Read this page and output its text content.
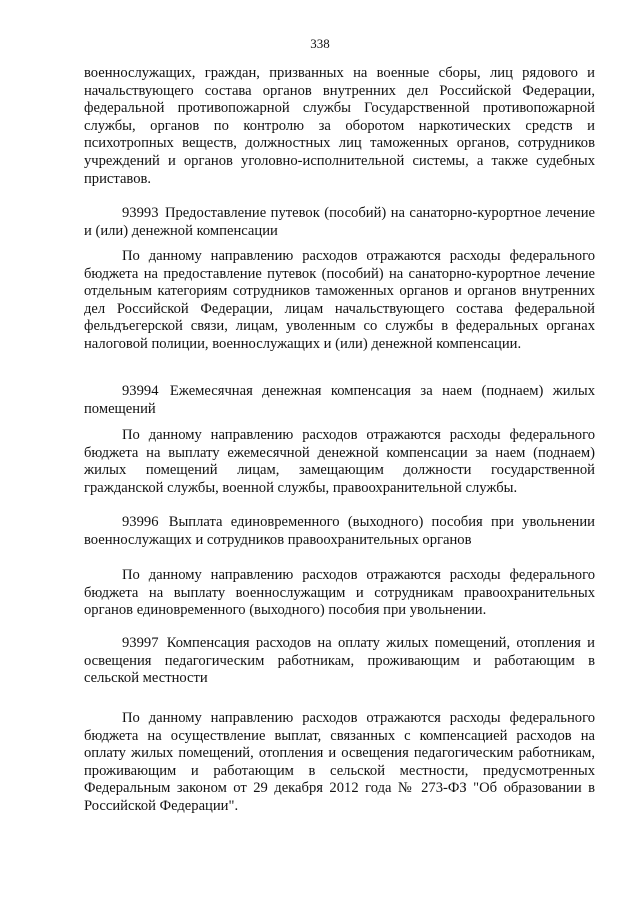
338

военнослужащих, граждан, призванных на военные сборы, лиц рядового и начальствующего состава органов внутренних дел Российской Федерации, федеральной противопожарной службы Государственной противопожарной службы, органов по контролю за оборотом наркотических средств и психотропных веществ, должностных лиц таможенных органов, сотрудников учреждений и органов уголовно-исполнительной системы, а также судебных приставов.

93993 Предоставление путевок (пособий) на санаторно-курортное лечение и (или) денежной компенсации

По данному направлению расходов отражаются расходы федерального бюджета на предоставление путевок (пособий) на санаторно-курортное лечение отдельным категориям сотрудников таможенных органов и органов внутренних дел Российской Федерации, лицам начальствующего состава федеральной фельдъегерской связи, лицам, уволенным со службы в федеральных органах налоговой полиции, военнослужащих и (или) денежной компенсации.

93994 Ежемесячная денежная компенсация за наем (поднаем) жилых помещений

По данному направлению расходов отражаются расходы федерального бюджета на выплату ежемесячной денежной компенсации за наем (поднаем) жилых помещений лицам, замещающим должности государственной гражданской службы, военной службы, правоохранительной службы.

93996 Выплата единовременного (выходного) пособия при увольнении военнослужащих и сотрудников правоохранительных органов

По данному направлению расходов отражаются расходы федерального бюджета на выплату военнослужащим и сотрудникам правоохранительных органов единовременного (выходного) пособия при увольнении.

93997 Компенсация расходов на оплату жилых помещений, отопления и освещения педагогическим работникам, проживающим и работающим в сельской местности

По данному направлению расходов отражаются расходы федерального бюджета на осуществление выплат, связанных с компенсацией расходов на оплату жилых помещений, отопления и освещения педагогическим работникам, проживающим и работающим в сельской местности, предусмотренных Федеральным законом от 29 декабря 2012 года № 273-ФЗ "Об образовании в Российской Федерации".
